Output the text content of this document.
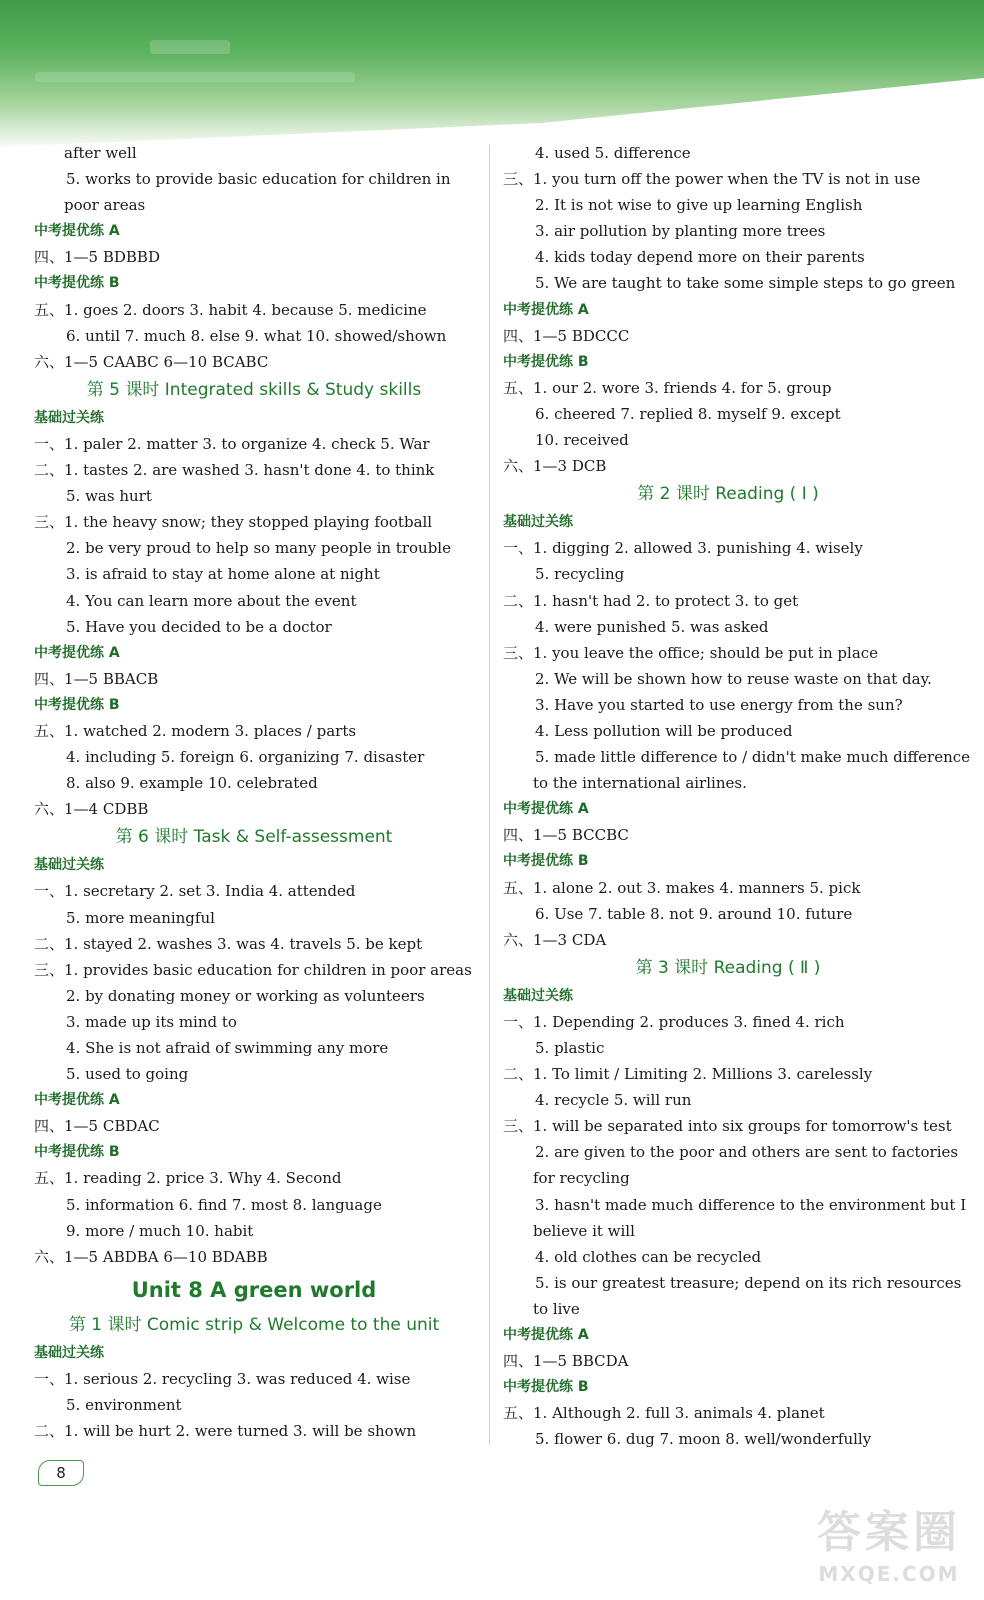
after well
5. works to provide basic education for children in
poor areas
中考提优练 A
四、1—5 BDBBD
中考提优练 B
五、1. goes 2. doors 3. habit 4. because 5. medicine
6. until 7. much 8. else 9. what 10. showed/shown
六、1—5 CAABC 6—10 BCABC
第 5 课时 Integrated skills & Study skills
基础过关练
一、1. paler 2. matter 3. to organize 4. check 5. War
二、1. tastes 2. are washed 3. hasn't done 4. to think
5. was hurt
三、1. the heavy snow; they stopped playing football
2. be very proud to help so many people in trouble
3. is afraid to stay at home alone at night
4. You can learn more about the event
5. Have you decided to be a doctor
中考提优练 A
四、1—5 BBACB
中考提优练 B
五、1. watched 2. modern 3. places / parts
4. including 5. foreign 6. organizing 7. disaster
8. also 9. example 10. celebrated
六、1—4 CDBB
第 6 课时 Task & Self-assessment
基础过关练
一、1. secretary 2. set 3. India 4. attended
5. more meaningful
二、1. stayed 2. washes 3. was 4. travels 5. be kept
三、1. provides basic education for children in poor areas
2. by donating money or working as volunteers
3. made up its mind to
4. She is not afraid of swimming any more
5. used to going
中考提优练 A
四、1—5 CBDAC
中考提优练 B
五、1. reading 2. price 3. Why 4. Second
5. information 6. find 7. most 8. language
9. more / much 10. habit
六、1—5 ABDBA 6—10 BDABB
Unit 8 A green world
第 1 课时 Comic strip & Welcome to the unit
基础过关练
一、1. serious 2. recycling 3. was reduced 4. wise
5. environment
二、1. will be hurt 2. were turned 3. will be shown
4. used 5. difference
三、1. you turn off the power when the TV is not in use
2. It is not wise to give up learning English
3. air pollution by planting more trees
4. kids today depend more on their parents
5. We are taught to take some simple steps to go green
中考提优练 A
四、1—5 BDCCC
中考提优练 B
五、1. our 2. wore 3. friends 4. for 5. group
6. cheered 7. replied 8. myself 9. except
10. received
六、1—3 DCB
第 2 课时 Reading ( Ⅰ )
基础过关练
一、1. digging 2. allowed 3. punishing 4. wisely
5. recycling
二、1. hasn't had 2. to protect 3. to get
4. were punished 5. was asked
三、1. you leave the office; should be put in place
2. We will be shown how to reuse waste on that day.
3. Have you started to use energy from the sun?
4. Less pollution will be produced
5. made little difference to / didn't make much difference
to the international airlines.
中考提优练 A
四、1—5 BCCBC
中考提优练 B
五、1. alone 2. out 3. makes 4. manners 5. pick
6. Use 7. table 8. not 9. around 10. future
六、1—3 CDA
第 3 课时 Reading ( Ⅱ )
基础过关练
一、1. Depending 2. produces 3. fined 4. rich
5. plastic
二、1. To limit / Limiting 2. Millions 3. carelessly
4. recycle 5. will run
三、1. will be separated into six groups for tomorrow's test
2. are given to the poor and others are sent to factories
for recycling
3. hasn't made much difference to the environment but I
believe it will
4. old clothes can be recycled
5. is our greatest treasure; depend on its rich resources
to live
中考提优练 A
四、1—5 BBCDA
中考提优练 B
五、1. Although 2. full 3. animals 4. planet
5. flower 6. dug 7. moon 8. well/wonderfully
8
答案圈
MXQE.COM
